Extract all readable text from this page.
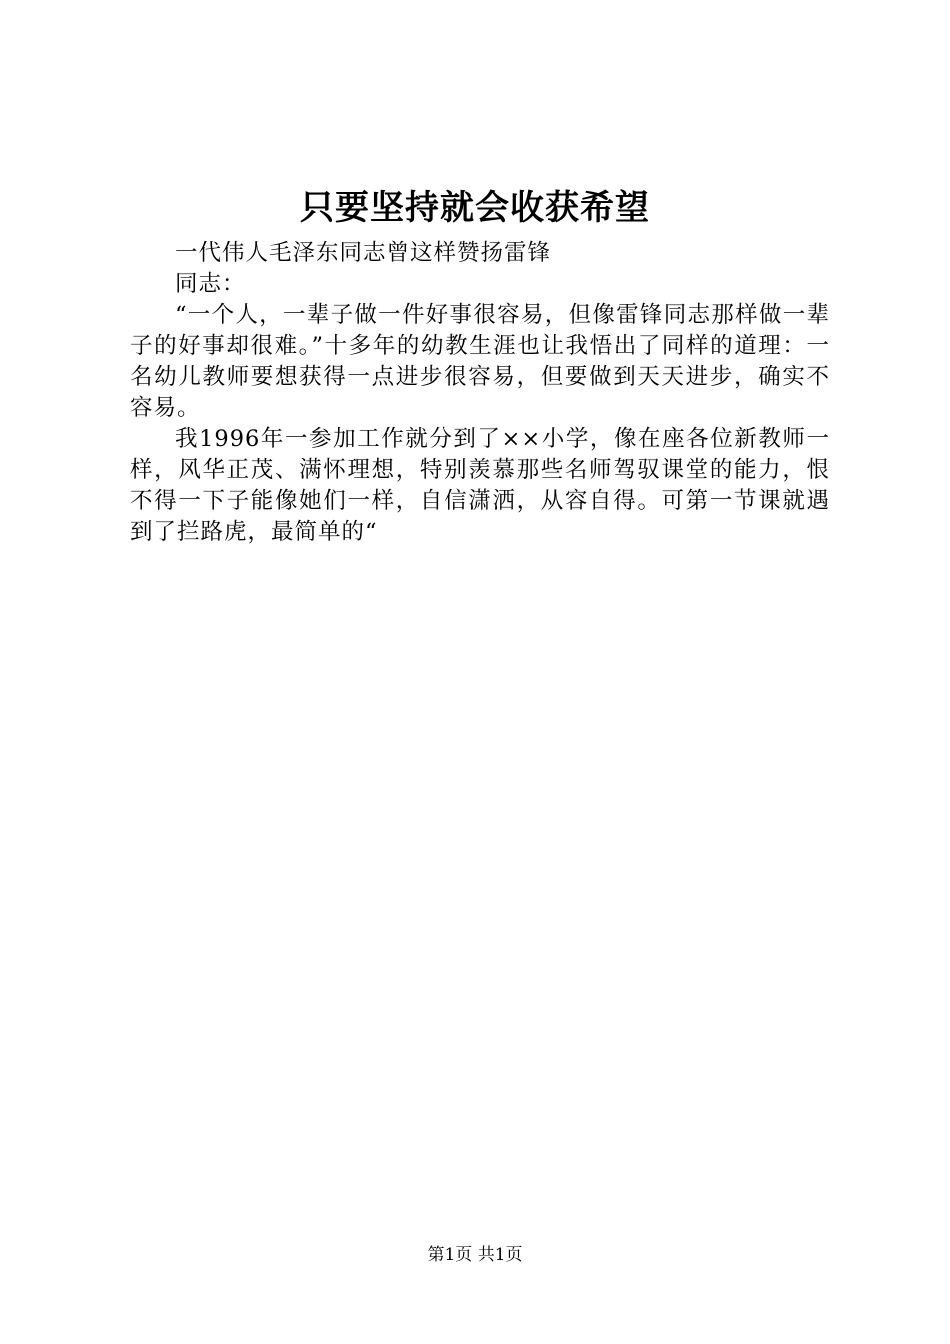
只要坚持就会收获希望

一代伟人毛泽东同志曾这样赞扬雷锋

同志：

“一个人，一辈子做一件好事很容易，但像雷锋同志那样做一辈子的好事却很难。”十多年的幼教生涯也让我悟出了同样的道理：一名幼儿教师要想获得一点进步很容易，但要做到天天进步，确实不容易。

我1996年一参加工作就分到了××小学，像在座各位新教师一样，风华正茂、满怀理想，特别羡慕那些名师驾驭课堂的能力，恨不得一下子能像她们一样，自信潇洒，从容自得。可第一节课就遇到了拦路虎，最简单的“

第1页 共1页
